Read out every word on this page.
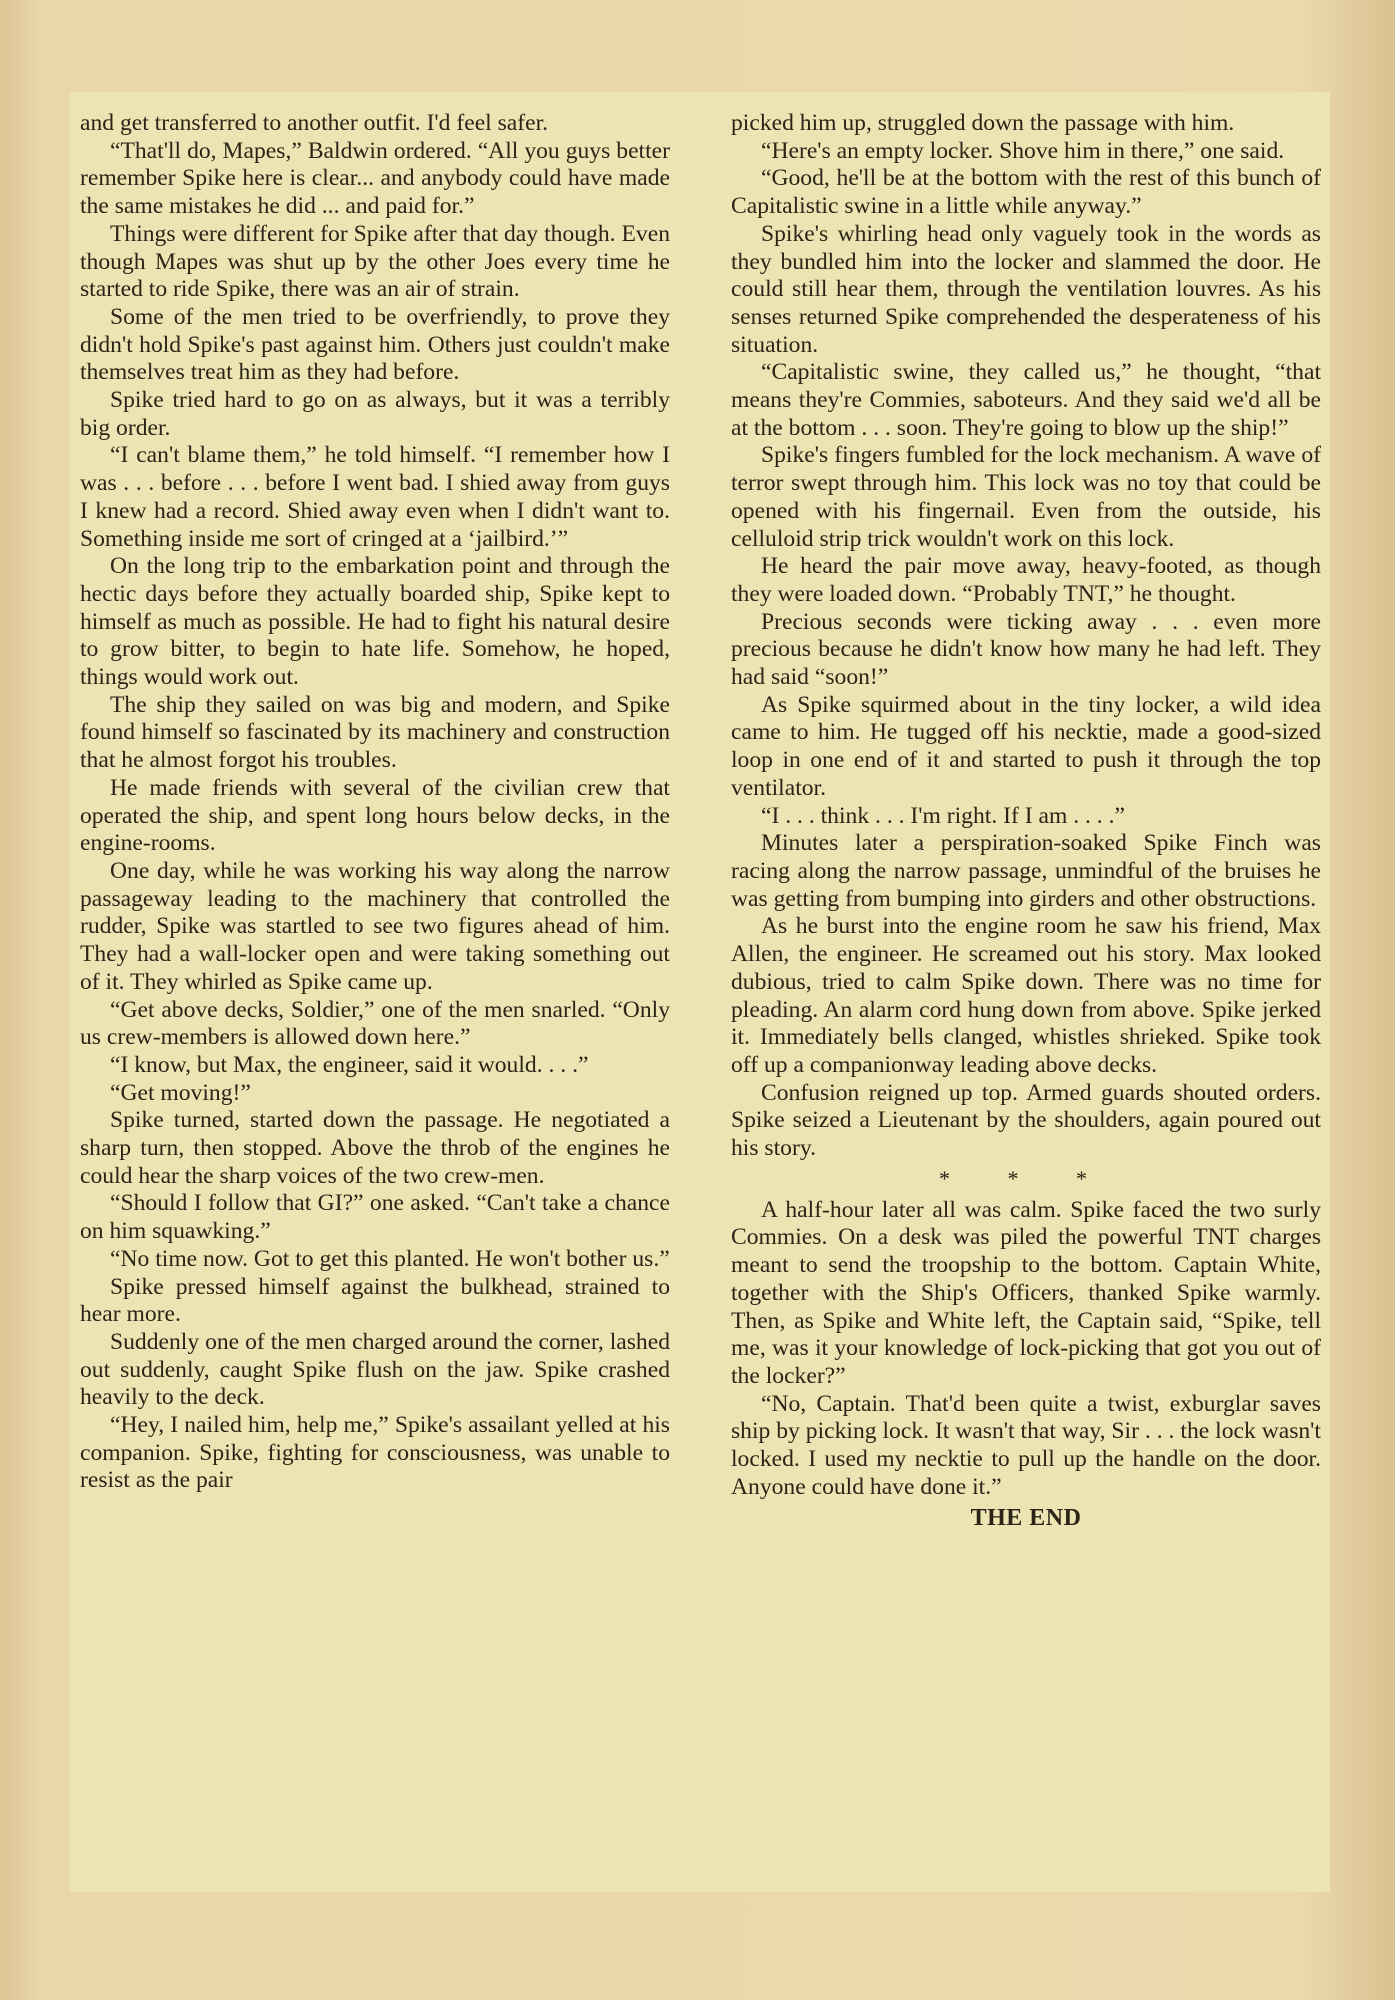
and get transferred to another outfit. I'd feel safer.

“That'll do, Mapes,” Baldwin ordered. “All you guys better remember Spike here is clear... and anybody could have made the same mistakes he did ... and paid for.”

Things were different for Spike after that day though. Even though Mapes was shut up by the other Joes every time he started to ride Spike, there was an air of strain.

Some of the men tried to be overfriendly, to prove they didn't hold Spike's past against him. Others just couldn't make themselves treat him as they had before.

Spike tried hard to go on as always, but it was a terribly big order.

“I can't blame them,” he told himself. “I remember how I was . . . before . . . before I went bad. I shied away from guys I knew had a record. Shied away even when I didn't want to. Something inside me sort of cringed at a ‘jailbird.’”

On the long trip to the embarkation point and through the hectic days before they actually boarded ship, Spike kept to himself as much as possible. He had to fight his natural desire to grow bitter, to begin to hate life. Somehow, he hoped, things would work out.

The ship they sailed on was big and modern, and Spike found himself so fascinated by its machinery and construction that he almost forgot his troubles.

He made friends with several of the civilian crew that operated the ship, and spent long hours below decks, in the engine-rooms.

One day, while he was working his way along the narrow passageway leading to the machinery that controlled the rudder, Spike was startled to see two figures ahead of him. They had a wall-locker open and were taking something out of it. They whirled as Spike came up.

“Get above decks, Soldier,” one of the men snarled. “Only us crew-members is allowed down here.”

“I know, but Max, the engineer, said it would. . . .”

“Get moving!”

Spike turned, started down the passage. He negotiated a sharp turn, then stopped. Above the throb of the engines he could hear the sharp voices of the two crew-men.

“Should I follow that GI?” one asked. “Can't take a chance on him squawking.”

“No time now. Got to get this planted. He won't bother us.”

Spike pressed himself against the bulkhead, strained to hear more.

Suddenly one of the men charged around the corner, lashed out suddenly, caught Spike flush on the jaw. Spike crashed heavily to the deck.

“Hey, I nailed him, help me,” Spike's assailant yelled at his companion. Spike, fighting for consciousness, was unable to resist as the pair

picked him up, struggled down the passage with him.

“Here's an empty locker. Shove him in there,” one said.

“Good, he'll be at the bottom with the rest of this bunch of Capitalistic swine in a little while anyway.”

Spike's whirling head only vaguely took in the words as they bundled him into the locker and slammed the door. He could still hear them, through the ventilation louvres. As his senses returned Spike comprehended the desperateness of his situation.

“Capitalistic swine, they called us,” he thought, “that means they're Commies, saboteurs. And they said we'd all be at the bottom . . . soon. They're going to blow up the ship!”

Spike's fingers fumbled for the lock mechanism. A wave of terror swept through him. This lock was no toy that could be opened with his fingernail. Even from the outside, his celluloid strip trick wouldn't work on this lock.

He heard the pair move away, heavy-footed, as though they were loaded down. “Probably TNT,” he thought.

Precious seconds were ticking away . . . even more precious because he didn't know how many he had left. They had said “soon!”

As Spike squirmed about in the tiny locker, a wild idea came to him. He tugged off his necktie, made a good-sized loop in one end of it and started to push it through the top ventilator.

“I . . . think . . . I'm right. If I am . . . .”

Minutes later a perspiration-soaked Spike Finch was racing along the narrow passage, unmindful of the bruises he was getting from bumping into girders and other obstructions.

As he burst into the engine room he saw his friend, Max Allen, the engineer. He screamed out his story. Max looked dubious, tried to calm Spike down. There was no time for pleading. An alarm cord hung down from above. Spike jerked it. Immediately bells clanged, whistles shrieked. Spike took off up a companionway leading above decks.

Confusion reigned up top. Armed guards shouted orders. Spike seized a Lieutenant by the shoulders, again poured out his story.

* * *

A half-hour later all was calm. Spike faced the two surly Commies. On a desk was piled the powerful TNT charges meant to send the troopship to the bottom. Captain White, together with the Ship's Officers, thanked Spike warmly. Then, as Spike and White left, the Captain said, “Spike, tell me, was it your knowledge of lock-picking that got you out of the locker?”

“No, Captain. That'd been quite a twist, exburglar saves ship by picking lock. It wasn't that way, Sir . . . the lock wasn't locked. I used my necktie to pull up the handle on the door. Anyone could have done it.”

THE END
